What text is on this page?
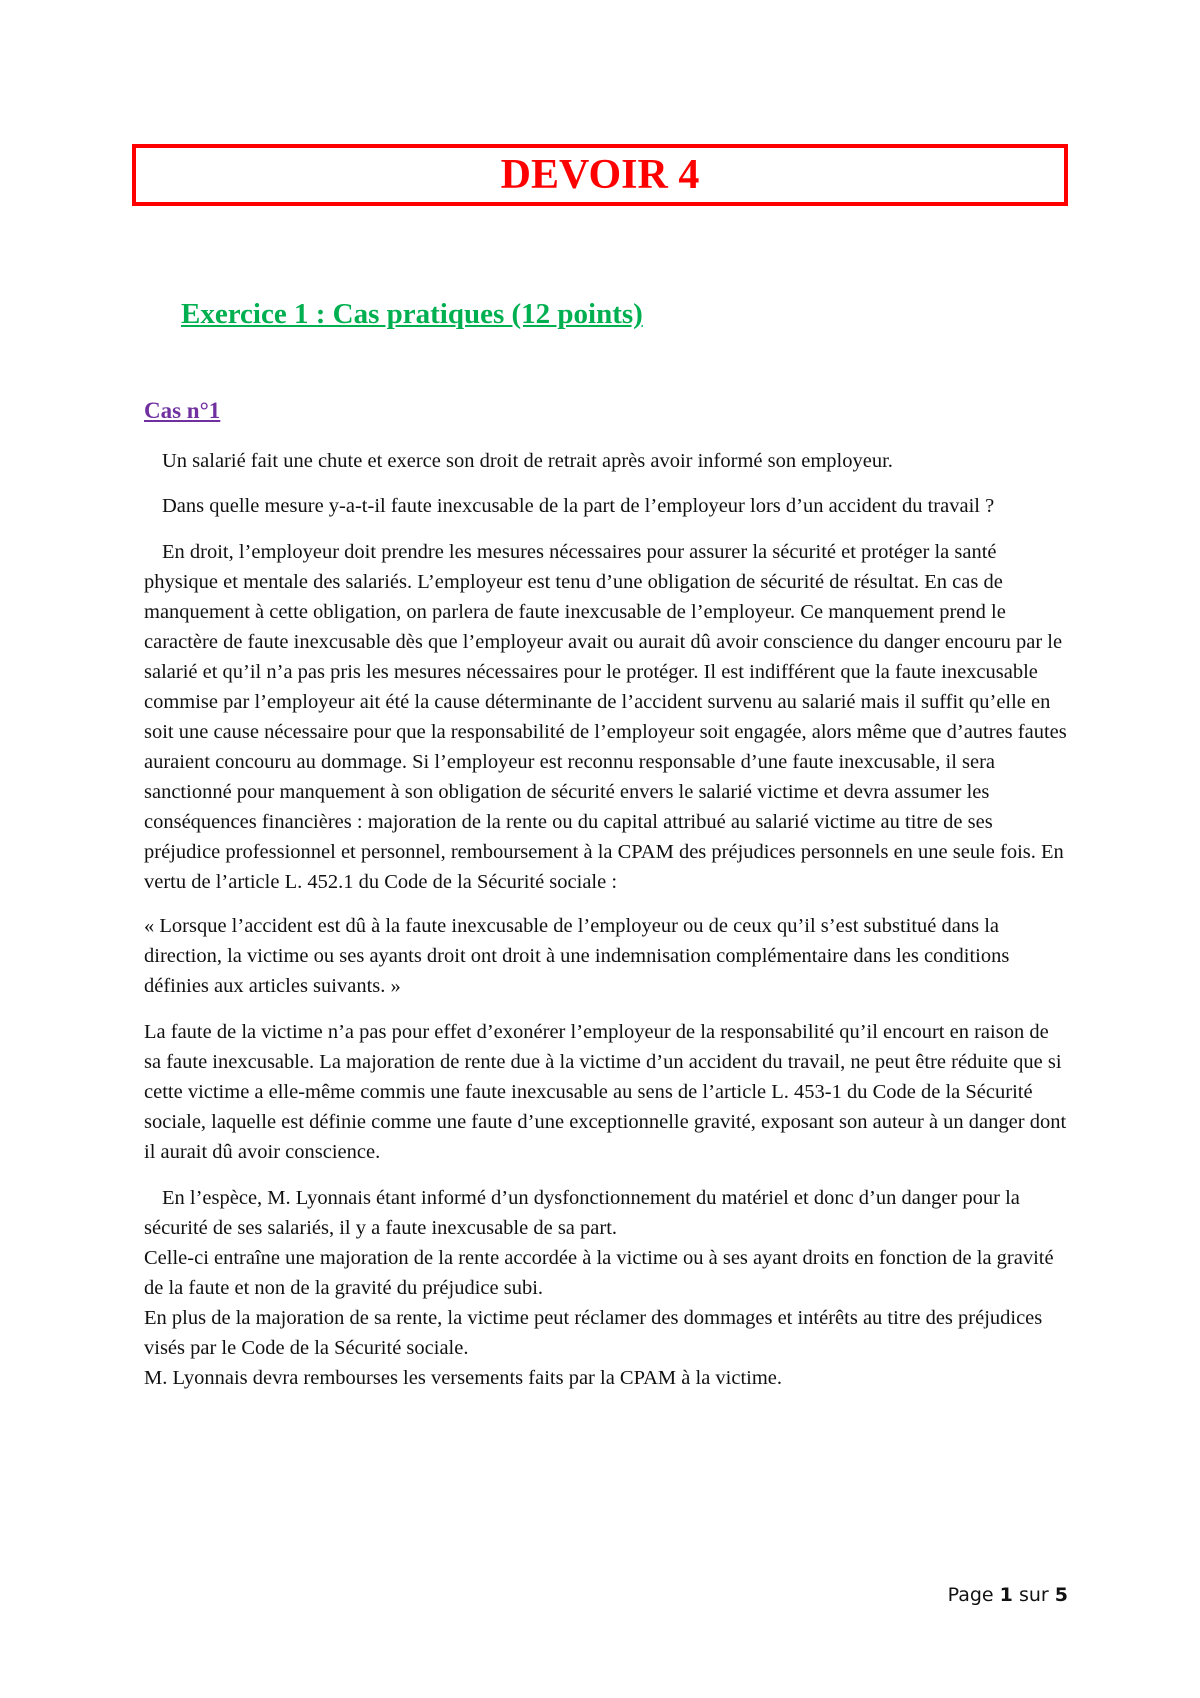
DEVOIR 4
Exercice 1 : Cas pratiques (12 points)
Cas n°1

Un salarié fait une chute et exerce son droit de retrait après avoir informé son employeur.

Dans quelle mesure y-a-t-il faute inexcusable de la part de l’employeur lors d’un accident du travail ?

En droit, l’employeur doit prendre les mesures nécessaires pour assurer la sécurité et protéger la santé physique et mentale des salariés. L’employeur est tenu d’une obligation de sécurité de résultat. En cas de manquement à cette obligation, on parlera de faute inexcusable de l’employeur. Ce manquement prend le caractère de faute inexcusable dès que l’employeur avait ou aurait dû avoir conscience du danger encouru par le salarié et qu’il n’a pas pris les mesures nécessaires pour le protéger. Il est indifférent que la faute inexcusable commise par l’employeur ait été la cause déterminante de l’accident survenu au salarié mais il suffit qu’elle en soit une cause nécessaire pour que la responsabilité de l’employeur soit engagée, alors même que d’autres fautes auraient concouru au dommage. Si l’employeur est reconnu responsable d’une faute inexcusable, il sera sanctionné pour manquement à son obligation de sécurité envers le salarié victime et devra assumer les conséquences financières : majoration de la rente ou du capital attribué au salarié victime au titre de ses préjudice professionnel et personnel, remboursement à la CPAM des préjudices personnels en une seule fois. En vertu de l’article L. 452.1 du Code de la Sécurité sociale :

« Lorsque l’accident est dû à la faute inexcusable de l’employeur ou de ceux qu’il s’est substitué dans la direction, la victime ou ses ayants droit ont droit à une indemnisation complémentaire dans les conditions définies aux articles suivants. »

La faute de la victime n’a pas pour effet d’exonérer l’employeur de la responsabilité qu’il encourt en raison de sa faute inexcusable. La majoration de rente due à la victime d’un accident du travail, ne peut être réduite que si cette victime a elle-même commis une faute inexcusable au sens de l’article L. 453-1 du Code de la Sécurité sociale, laquelle est définie comme une faute d’une exceptionnelle gravité, exposant son auteur à un danger dont il aurait dû avoir conscience.

En l’espèce, M. Lyonnais étant informé d’un dysfonctionnement du matériel et donc d’un danger pour la sécurité de ses salariés, il y a faute inexcusable de sa part.

Celle-ci entraîne une majoration de la rente accordée à la victime ou à ses ayant droits en fonction de la gravité de la faute et non de la gravité du préjudice subi.

En plus de la majoration de sa rente, la victime peut réclamer des dommages et intérêts au titre des préjudices visés par le Code de la Sécurité sociale.

M. Lyonnais devra rembourses les versements faits par la CPAM à la victime.

Page 1 sur 5
